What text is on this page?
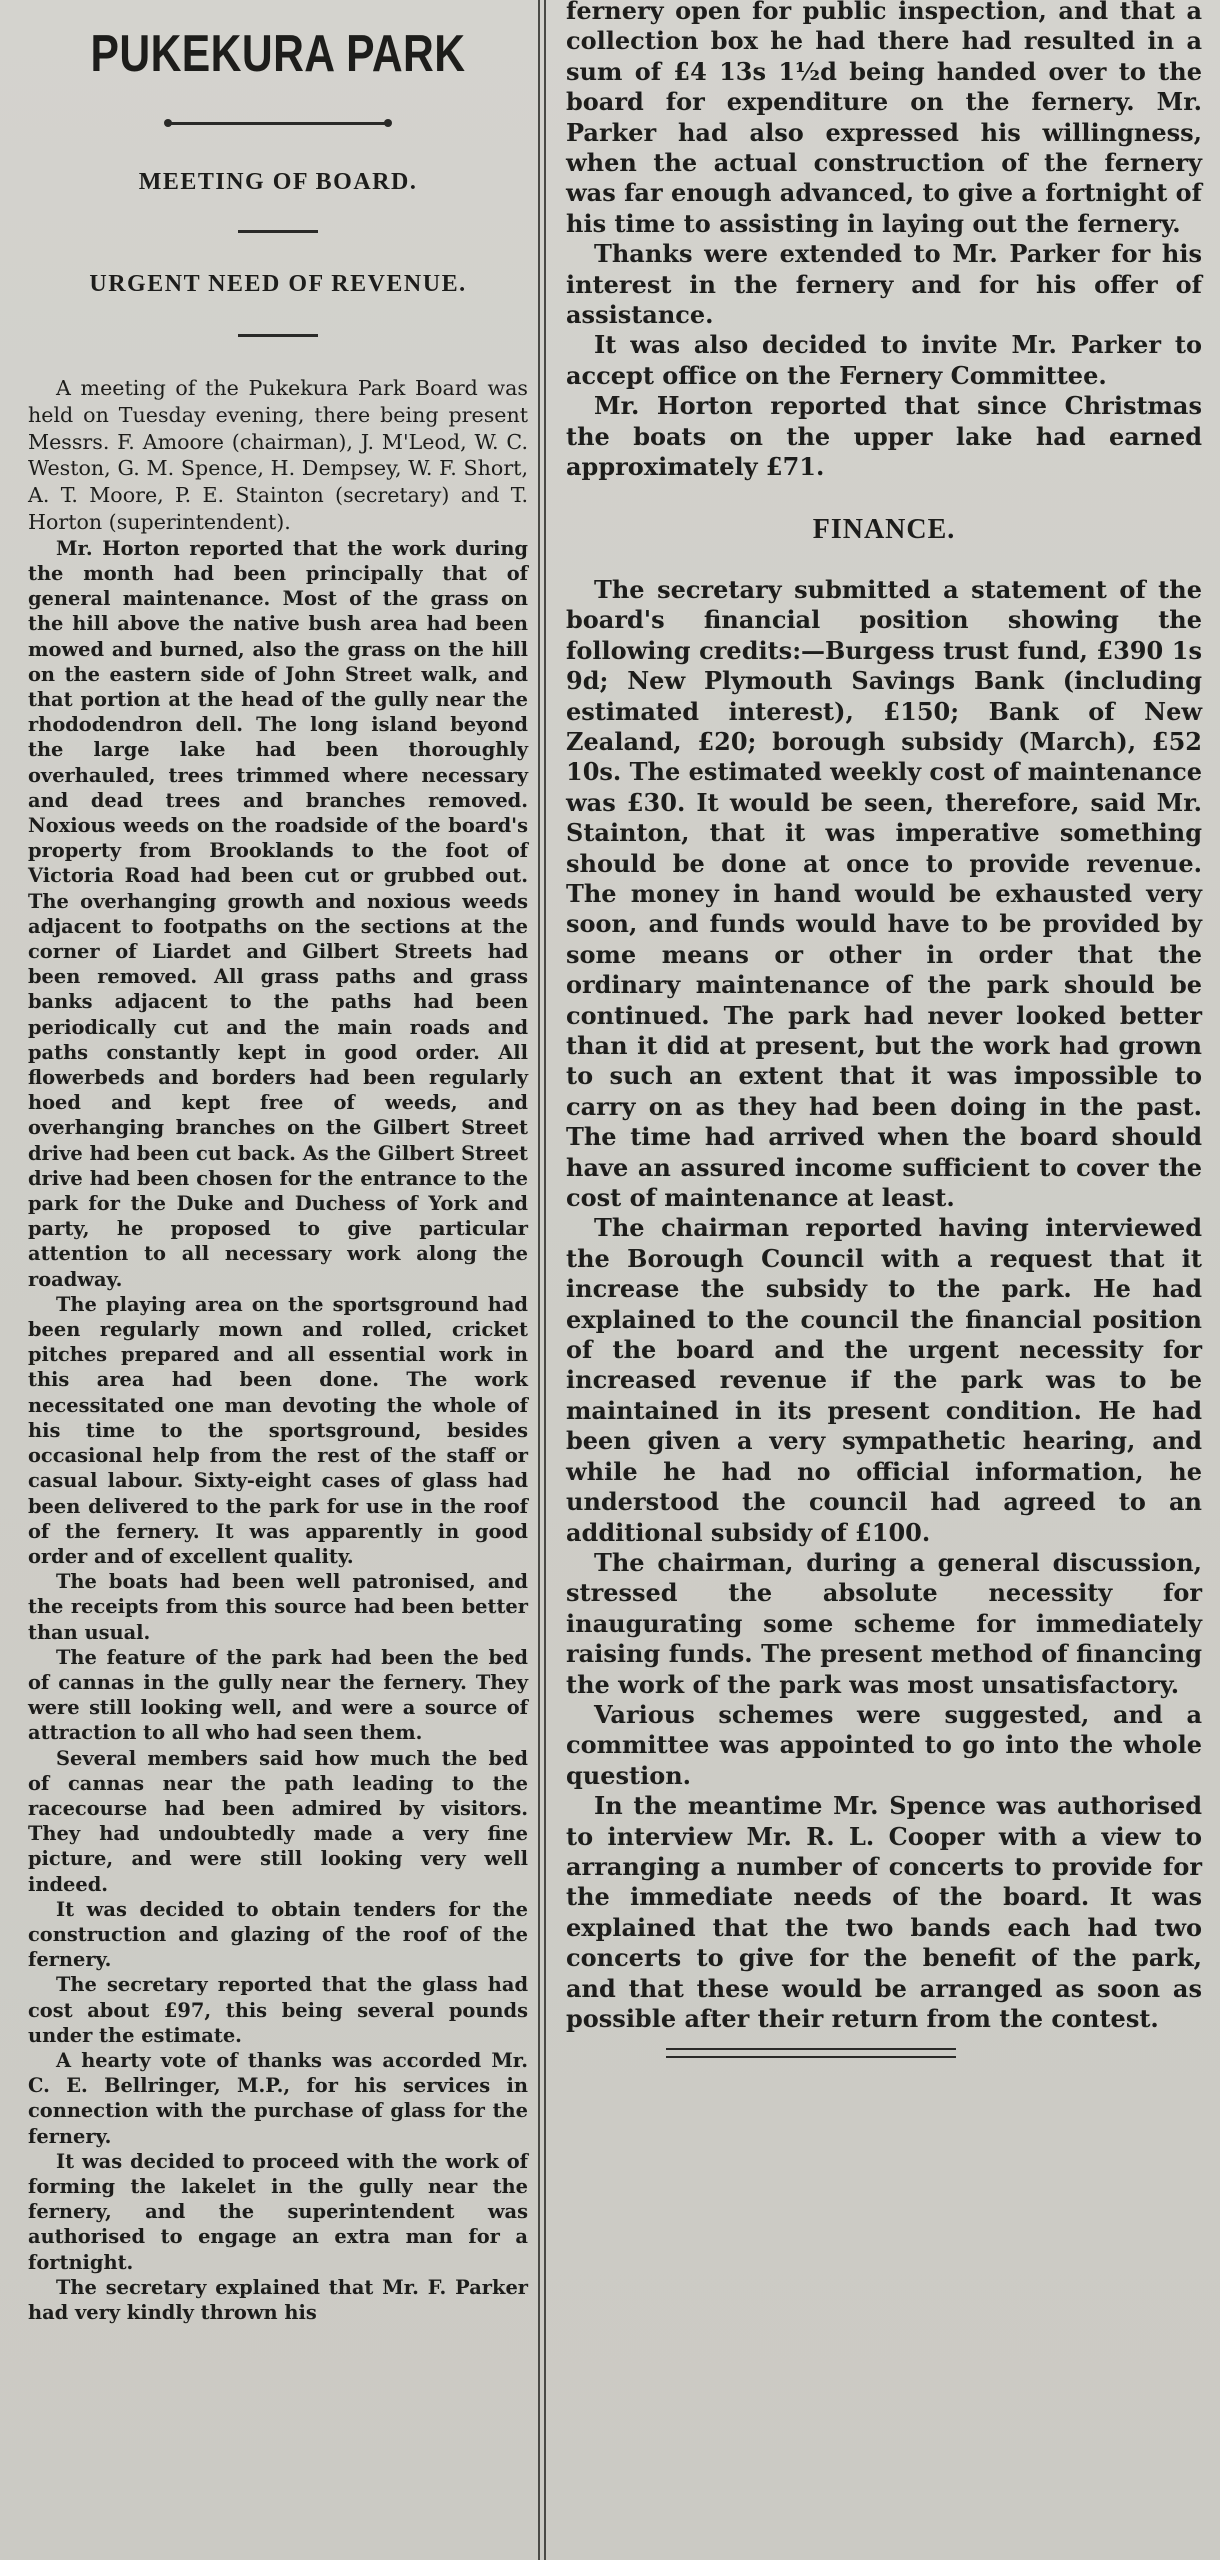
PUKEKURA PARK
MEETING OF BOARD.
URGENT NEED OF REVENUE.

A meeting of the Pukekura Park Board was held on Tuesday evening, there being present Messrs. F. Amoore (chairman), J. M'Leod, W. C. Weston, G. M. Spence, H. Dempsey, W. F. Short, A. T. Moore, P. E. Stainton (secretary) and T. Horton (superintendent).

Mr. Horton reported that the work during the month had been principally that of general maintenance. Most of the grass on the hill above the native bush area had been mowed and burned, also the grass on the hill on the eastern side of John Street walk, and that portion at the head of the gully near the rhododendron dell. The long island beyond the large lake had been thoroughly overhauled, trees trimmed where necessary and dead trees and branches removed. Noxious weeds on the roadside of the board's property from Brooklands to the foot of Victoria Road had been cut or grubbed out. The overhanging growth and noxious weeds adjacent to footpaths on the sections at the corner of Liardet and Gilbert Streets had been removed. All grass paths and grass banks adjacent to the paths had been periodically cut and the main roads and paths constantly kept in good order. All flowerbeds and borders had been regularly hoed and kept free of weeds, and overhanging branches on the Gilbert Street drive had been cut back. As the Gilbert Street drive had been chosen for the entrance to the park for the Duke and Duchess of York and party, he proposed to give particular attention to all necessary work along the roadway.

The playing area on the sportsground had been regularly mown and rolled, cricket pitches prepared and all essential work in this area had been done. The work necessitated one man devoting the whole of his time to the sportsground, besides occasional help from the rest of the staff or casual labour. Sixty-eight cases of glass had been delivered to the park for use in the roof of the fernery. It was apparently in good order and of excellent quality.

The boats had been well patronised, and the receipts from this source had been better than usual.

The feature of the park had been the bed of cannas in the gully near the fernery. They were still looking well, and were a source of attraction to all who had seen them.

Several members said how much the bed of cannas near the path leading to the racecourse had been admired by visitors. They had undoubtedly made a very fine picture, and were still looking very well indeed.

It was decided to obtain tenders for the construction and glazing of the roof of the fernery.

The secretary reported that the glass had cost about £97, this being several pounds under the estimate.

A hearty vote of thanks was accorded Mr. C. E. Bellringer, M.P., for his services in connection with the purchase of glass for the fernery.

It was decided to proceed with the work of forming the lakelet in the gully near the fernery, and the superintendent was authorised to engage an extra man for a fortnight.

The secretary explained that Mr. F. Parker had very kindly thrown his

fernery open for public inspection, and that a collection box he had there had resulted in a sum of £4 13s 1½d being handed over to the board for expenditure on the fernery. Mr. Parker had also expressed his willingness, when the actual construction of the fernery was far enough advanced, to give a fortnight of his time to assisting in laying out the fernery.

Thanks were extended to Mr. Parker for his interest in the fernery and for his offer of assistance.

It was also decided to invite Mr. Parker to accept office on the Fernery Committee.

Mr. Horton reported that since Christmas the boats on the upper lake had earned approximately £71.

FINANCE.

The secretary submitted a statement of the board's financial position showing the following credits:—Burgess trust fund, £390 1s 9d; New Plymouth Savings Bank (including estimated interest), £150; Bank of New Zealand, £20; borough subsidy (March), £52 10s. The estimated weekly cost of maintenance was £30. It would be seen, therefore, said Mr. Stainton, that it was imperative something should be done at once to provide revenue. The money in hand would be exhausted very soon, and funds would have to be provided by some means or other in order that the ordinary maintenance of the park should be continued. The park had never looked better than it did at present, but the work had grown to such an extent that it was impossible to carry on as they had been doing in the past. The time had arrived when the board should have an assured income sufficient to cover the cost of maintenance at least.

The chairman reported having interviewed the Borough Council with a request that it increase the subsidy to the park. He had explained to the council the financial position of the board and the urgent necessity for increased revenue if the park was to be maintained in its present condition. He had been given a very sympathetic hearing, and while he had no official information, he understood the council had agreed to an additional subsidy of £100.

The chairman, during a general discussion, stressed the absolute necessity for inaugurating some scheme for immediately raising funds. The present method of financing the work of the park was most unsatisfactory.

Various schemes were suggested, and a committee was appointed to go into the whole question.

In the meantime Mr. Spence was authorised to interview Mr. R. L. Cooper with a view to arranging a number of concerts to provide for the immediate needs of the board. It was explained that the two bands each had two concerts to give for the benefit of the park, and that these would be arranged as soon as possible after their return from the contest.
